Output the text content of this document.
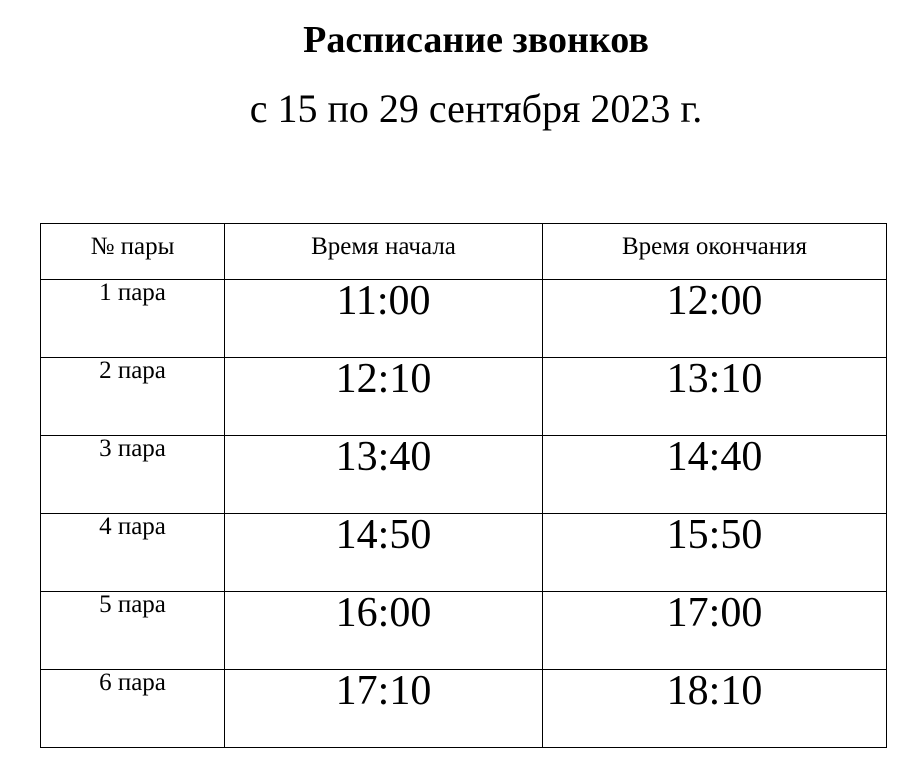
Расписание звонков
с 15 по 29 сентября 2023 г.
№ пары	Время начала	Время окончания
1 пара	11:00	12:00
2 пара	12:10	13:10
3 пара	13:40	14:40
4 пара	14:50	15:50
5 пара	16:00	17:00
6 пара	17:10	18:10
